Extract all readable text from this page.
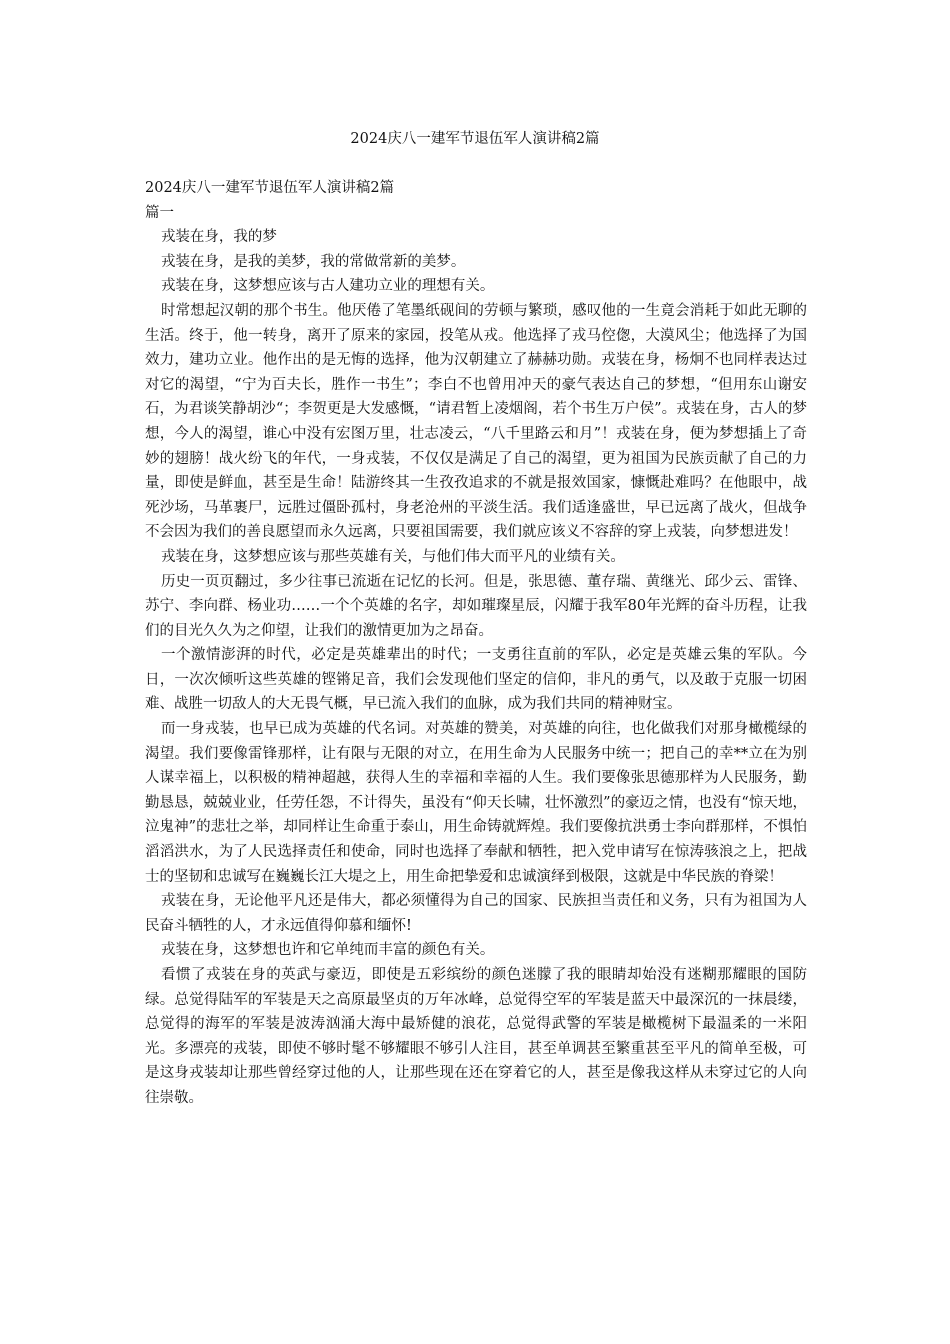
2024庆八一建军节退伍军人演讲稿2篇

2024庆八一建军节退伍军人演讲稿2篇

篇一

戎装在身，我的梦

戎装在身，是我的美梦，我的常做常新的美梦。

戎装在身，这梦想应该与古人建功立业的理想有关。

时常想起汉朝的那个书生。他厌倦了笔墨纸砚间的劳顿与繁琐，感叹他的一生竟会消耗于如此无聊的生活。终于，他一转身，离开了原来的家园，投笔从戎。他选择了戎马倥偬，大漠风尘；他选择了为国效力，建功立业。他作出的是无悔的选择，他为汉朝建立了赫赫功勋。戎装在身，杨炯不也同样表达过对它的渴望，“宁为百夫长，胜作一书生”；李白不也曾用冲天的豪气表达自己的梦想，“但用东山谢安石，为君谈笑静胡沙“；李贺更是大发感慨，“请君暂上凌烟阁，若个书生万户侯”。戎装在身，古人的梦想，今人的渴望，谁心中没有宏图万里，壮志凌云，“八千里路云和月”！戎装在身，便为梦想插上了奇妙的翅膀！战火纷飞的年代，一身戎装，不仅仅是满足了自己的渴望，更为祖国为民族贡献了自己的力量，即使是鲜血，甚至是生命！陆游终其一生孜孜追求的不就是报效国家，慷慨赴难吗？在他眼中，战死沙场，马革裹尸，远胜过僵卧孤村，身老沧州的平淡生活。我们适逢盛世，早已远离了战火，但战争不会因为我们的善良愿望而永久远离，只要祖国需要，我们就应该义不容辞的穿上戎装，向梦想进发！

戎装在身，这梦想应该与那些英雄有关，与他们伟大而平凡的业绩有关。

历史一页页翻过，多少往事已流逝在记忆的长河。但是，张思德、董存瑞、黄继光、邱少云、雷锋、苏宁、李向群、杨业功……一个个英雄的名字，却如璀璨星辰，闪耀于我军80年光辉的奋斗历程，让我们的目光久久为之仰望，让我们的激情更加为之昂奋。

一个激情澎湃的时代，必定是英雄辈出的时代；一支勇往直前的军队，必定是英雄云集的军队。今日，一次次倾听这些英雄的铿锵足音，我们会发现他们坚定的信仰，非凡的勇气，以及敢于克服一切困难、战胜一切敌人的大无畏气概，早已流入我们的血脉，成为我们共同的精神财宝。

而一身戎装，也早已成为英雄的代名词。对英雄的赞美，对英雄的向往，也化做我们对那身橄榄绿的渴望。我们要像雷锋那样，让有限与无限的对立，在用生命为人民服务中统一；把自己的幸**立在为别人谋幸福上，以积极的精神超越，获得人生的幸福和幸福的人生。我们要像张思德那样为人民服务，勤勤恳恳，兢兢业业，任劳任怨，不计得失，虽没有“仰天长啸，壮怀激烈”的豪迈之情，也没有“惊天地，泣鬼神”的悲壮之举，却同样让生命重于泰山，用生命铸就辉煌。我们要像抗洪勇士李向群那样，不惧怕滔滔洪水，为了人民选择责任和使命，同时也选择了奉献和牺牲，把入党申请写在惊涛骇浪之上，把战士的坚韧和忠诚写在巍巍长江大堤之上，用生命把挚爱和忠诚演绎到极限，这就是中华民族的脊梁！

戎装在身，无论他平凡还是伟大，都必须懂得为自己的国家、民族担当责任和义务，只有为祖国为人民奋斗牺牲的人，才永远值得仰慕和缅怀!

戎装在身，这梦想也许和它单纯而丰富的颜色有关。

看惯了戎装在身的英武与豪迈，即使是五彩缤纷的颜色迷朦了我的眼睛却始没有迷糊那耀眼的国防绿。总觉得陆军的军装是天之高原最坚贞的万年冰峰，总觉得空军的军装是蓝天中最深沉的一抹晨缕，总觉得的海军的军装是波涛汹涌大海中最矫健的浪花，总觉得武警的军装是橄榄树下最温柔的一米阳光。多漂亮的戎装，即使不够时髦不够耀眼不够引人注目，甚至单调甚至繁重甚至平凡的简单至极，可是这身戎装却让那些曾经穿过他的人，让那些现在还在穿着它的人，甚至是像我这样从未穿过它的人向往崇敬。
